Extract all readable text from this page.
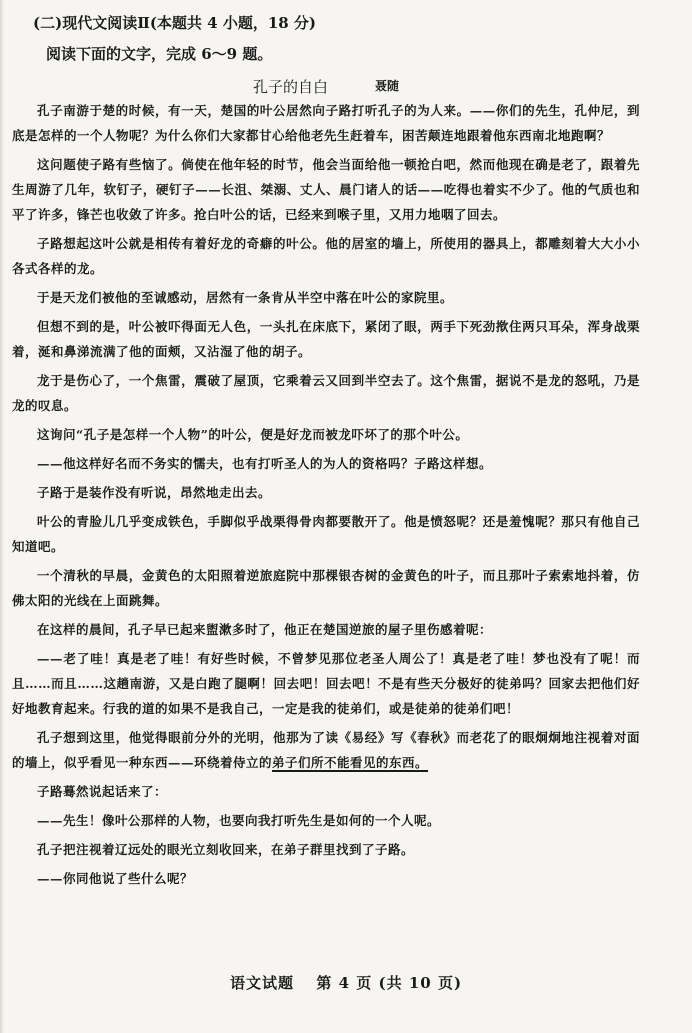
(二)现代文阅读Ⅱ(本题共 4 小题，18 分)
阅读下面的文字，完成 6～9 题。
孔子的自白	聂随

孔子南游于楚的时候，有一天，楚国的叶公居然向子路打听孔子的为人来。——你们的先生，孔仲尼，到底是怎样的一个人物呢？为什么你们大家都甘心给他老先生赶着车，困苦颠连地跟着他东西南北地跑啊？

这问题使子路有些恼了。倘使在他年轻的时节，他会当面给他一顿抢白吧，然而他现在确是老了，跟着先生周游了几年，软钉子，硬钉子——长沮、桀溺、丈人、晨门诸人的话——吃得也着实不少了。他的气质也和平了许多，锋芒也收敛了许多。抢白叶公的话，已经来到喉子里，又用力地咽了回去。

子路想起这叶公就是相传有着好龙的奇癖的叶公。他的居室的墙上，所使用的器具上，都雕刻着大大小小各式各样的龙。

于是天龙们被他的至诚感动，居然有一条肯从半空中落在叶公的家院里。

但想不到的是，叶公被吓得面无人色，一头扎在床底下，紧闭了眼，两手下死劲揿住两只耳朵，浑身战栗着，涎和鼻涕流满了他的面颊，又沾湿了他的胡子。

龙于是伤心了，一个焦雷，震破了屋顶，它乘着云又回到半空去了。这个焦雷，据说不是龙的怒吼，乃是龙的叹息。

这询问“孔子是怎样一个人物”的叶公，便是好龙而被龙吓坏了的那个叶公。

——他这样好名而不务实的懦夫，也有打听圣人的为人的资格吗？子路这样想。

子路于是装作没有听说，昂然地走出去。

叶公的青脸儿几乎变成铁色，手脚似乎战栗得骨肉都要散开了。他是愤怒呢？还是羞愧呢？那只有他自己知道吧。

一个清秋的早晨，金黄色的太阳照着逆旅庭院中那棵银杏树的金黄色的叶子，而且那叶子索索地抖着，仿佛太阳的光线在上面跳舞。

在这样的晨间，孔子早已起来盥漱多时了，他正在楚国逆旅的屋子里伤感着呢：

——老了哇！真是老了哇！有好些时候，不曾梦见那位老圣人周公了！真是老了哇！梦也没有了呢！而且……而且……这趟南游，又是白跑了腿啊！回去吧！回去吧！不是有些天分极好的徒弟吗？回家去把他们好好地教育起来。行我的道的如果不是我自己，一定是我的徒弟们，或是徒弟的徒弟们吧！

孔子想到这里，他觉得眼前分外的光明，他那为了读《易经》写《春秋》而老花了的眼炯炯地注视着对面的墙上，似乎看见一种东西——环绕着侍立的弟子们所不能看见的东西。

子路蓦然说起话来了：

——先生！像叶公那样的人物，也要向我打听先生是如何的一个人呢。

孔子把注视着辽远处的眼光立刻收回来，在弟子群里找到了子路。

——你同他说了些什么呢？

语文试题 第 4 页 (共 10 页)
